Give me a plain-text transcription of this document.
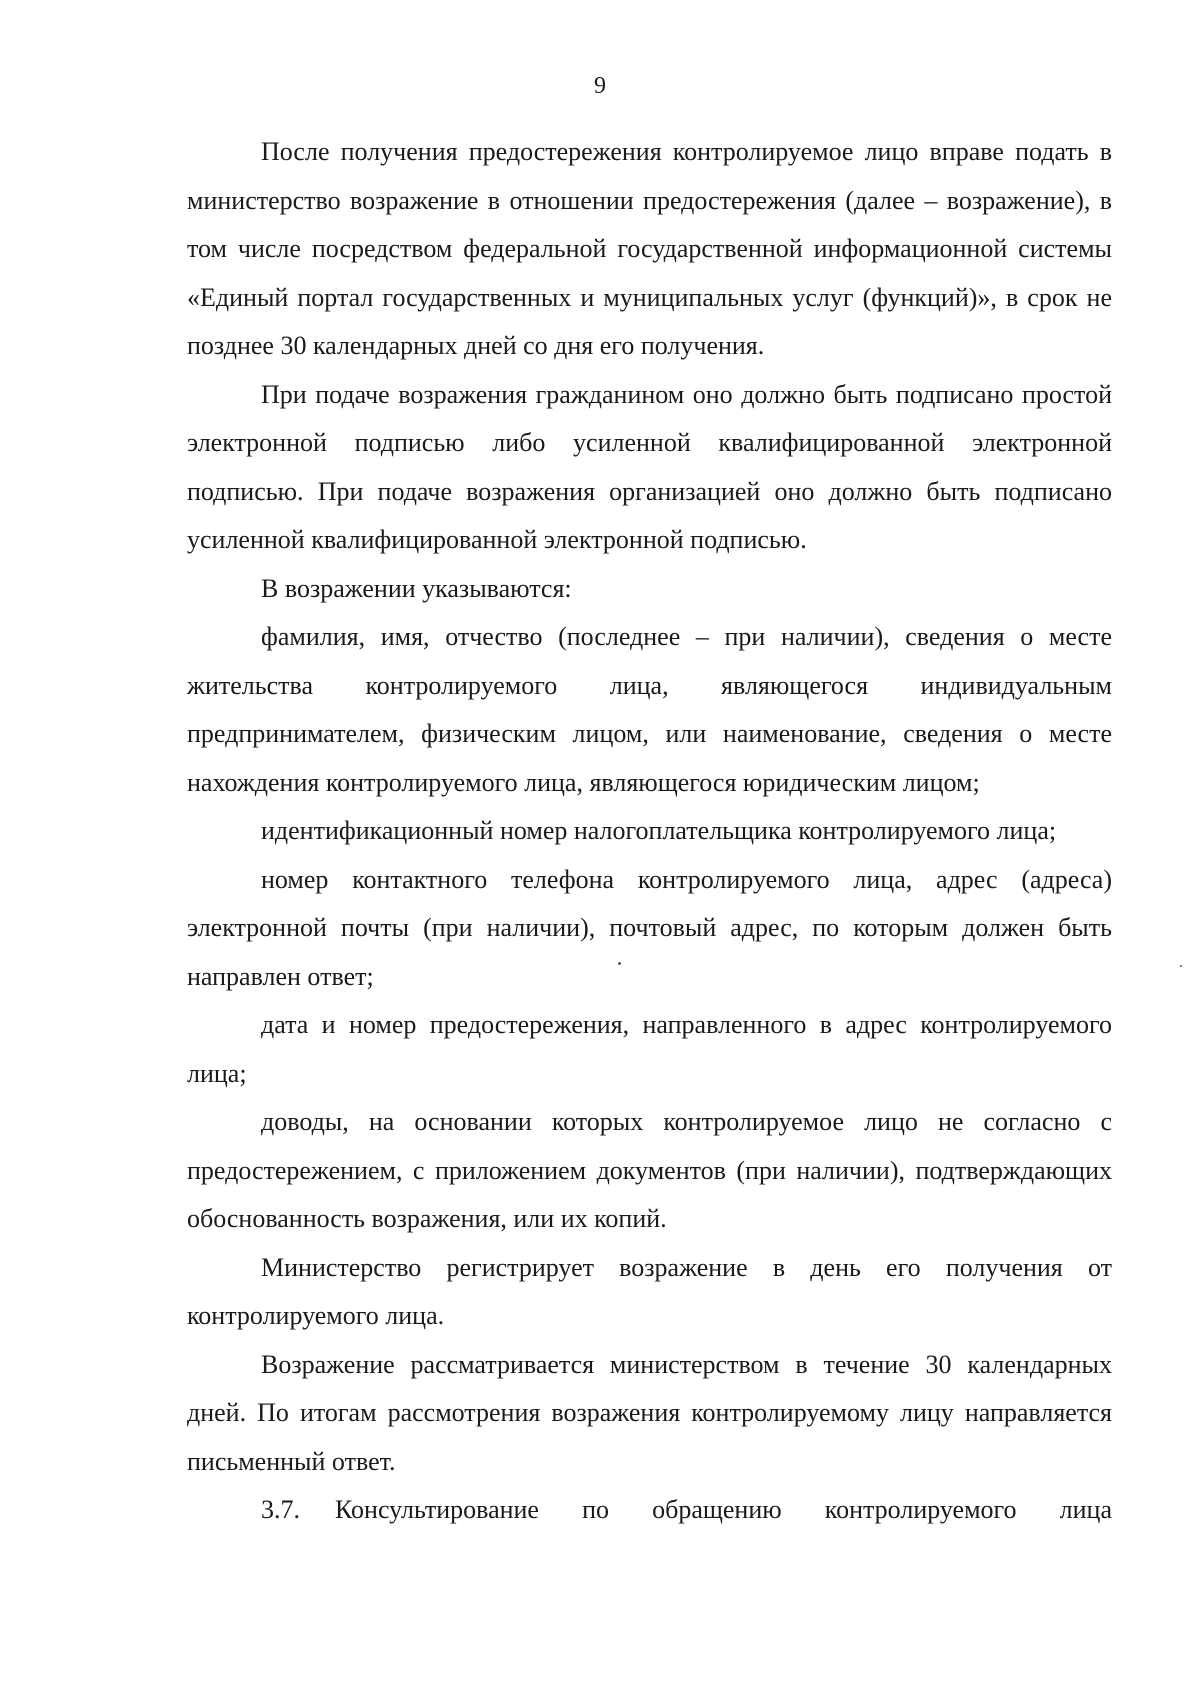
9

После получения предостережения контролируемое лицо вправе подать в министерство возражение в отношении предостережения (далее – возражение), в том числе посредством федеральной государственной информационной системы «Единый портал государственных и муниципальных услуг (функций)», в срок не позднее 30 календарных дней со дня его получения.

При подаче возражения гражданином оно должно быть подписано простой электронной подписью либо усиленной квалифицированной электронной подписью. При подаче возражения организацией оно должно быть подписано усиленной квалифицированной электронной подписью.

В возражении указываются:

фамилия, имя, отчество (последнее – при наличии), сведения о месте жительства контролируемого лица, являющегося индивидуальным предпринимателем, физическим лицом, или наименование, сведения о месте нахождения контролируемого лица, являющегося юридическим лицом;

идентификационный номер налогоплательщика контролируемого лица;

номер контактного телефона контролируемого лица, адрес (адреса) электронной почты (при наличии), почтовый адрес, по которым должен быть направлен ответ;

дата и номер предостережения, направленного в адрес контролируемого лица;

доводы, на основании которых контролируемое лицо не согласно с предостережением, с приложением документов (при наличии), подтверждающих обоснованность возражения, или их копий.

Министерство регистрирует возражение в день его получения от контролируемого лица.

Возражение рассматривается министерством в течение 30 календарных дней. По итогам рассмотрения возражения контролируемому лицу направляется письменный ответ.

3.7. Консультирование по обращению контролируемого лица
